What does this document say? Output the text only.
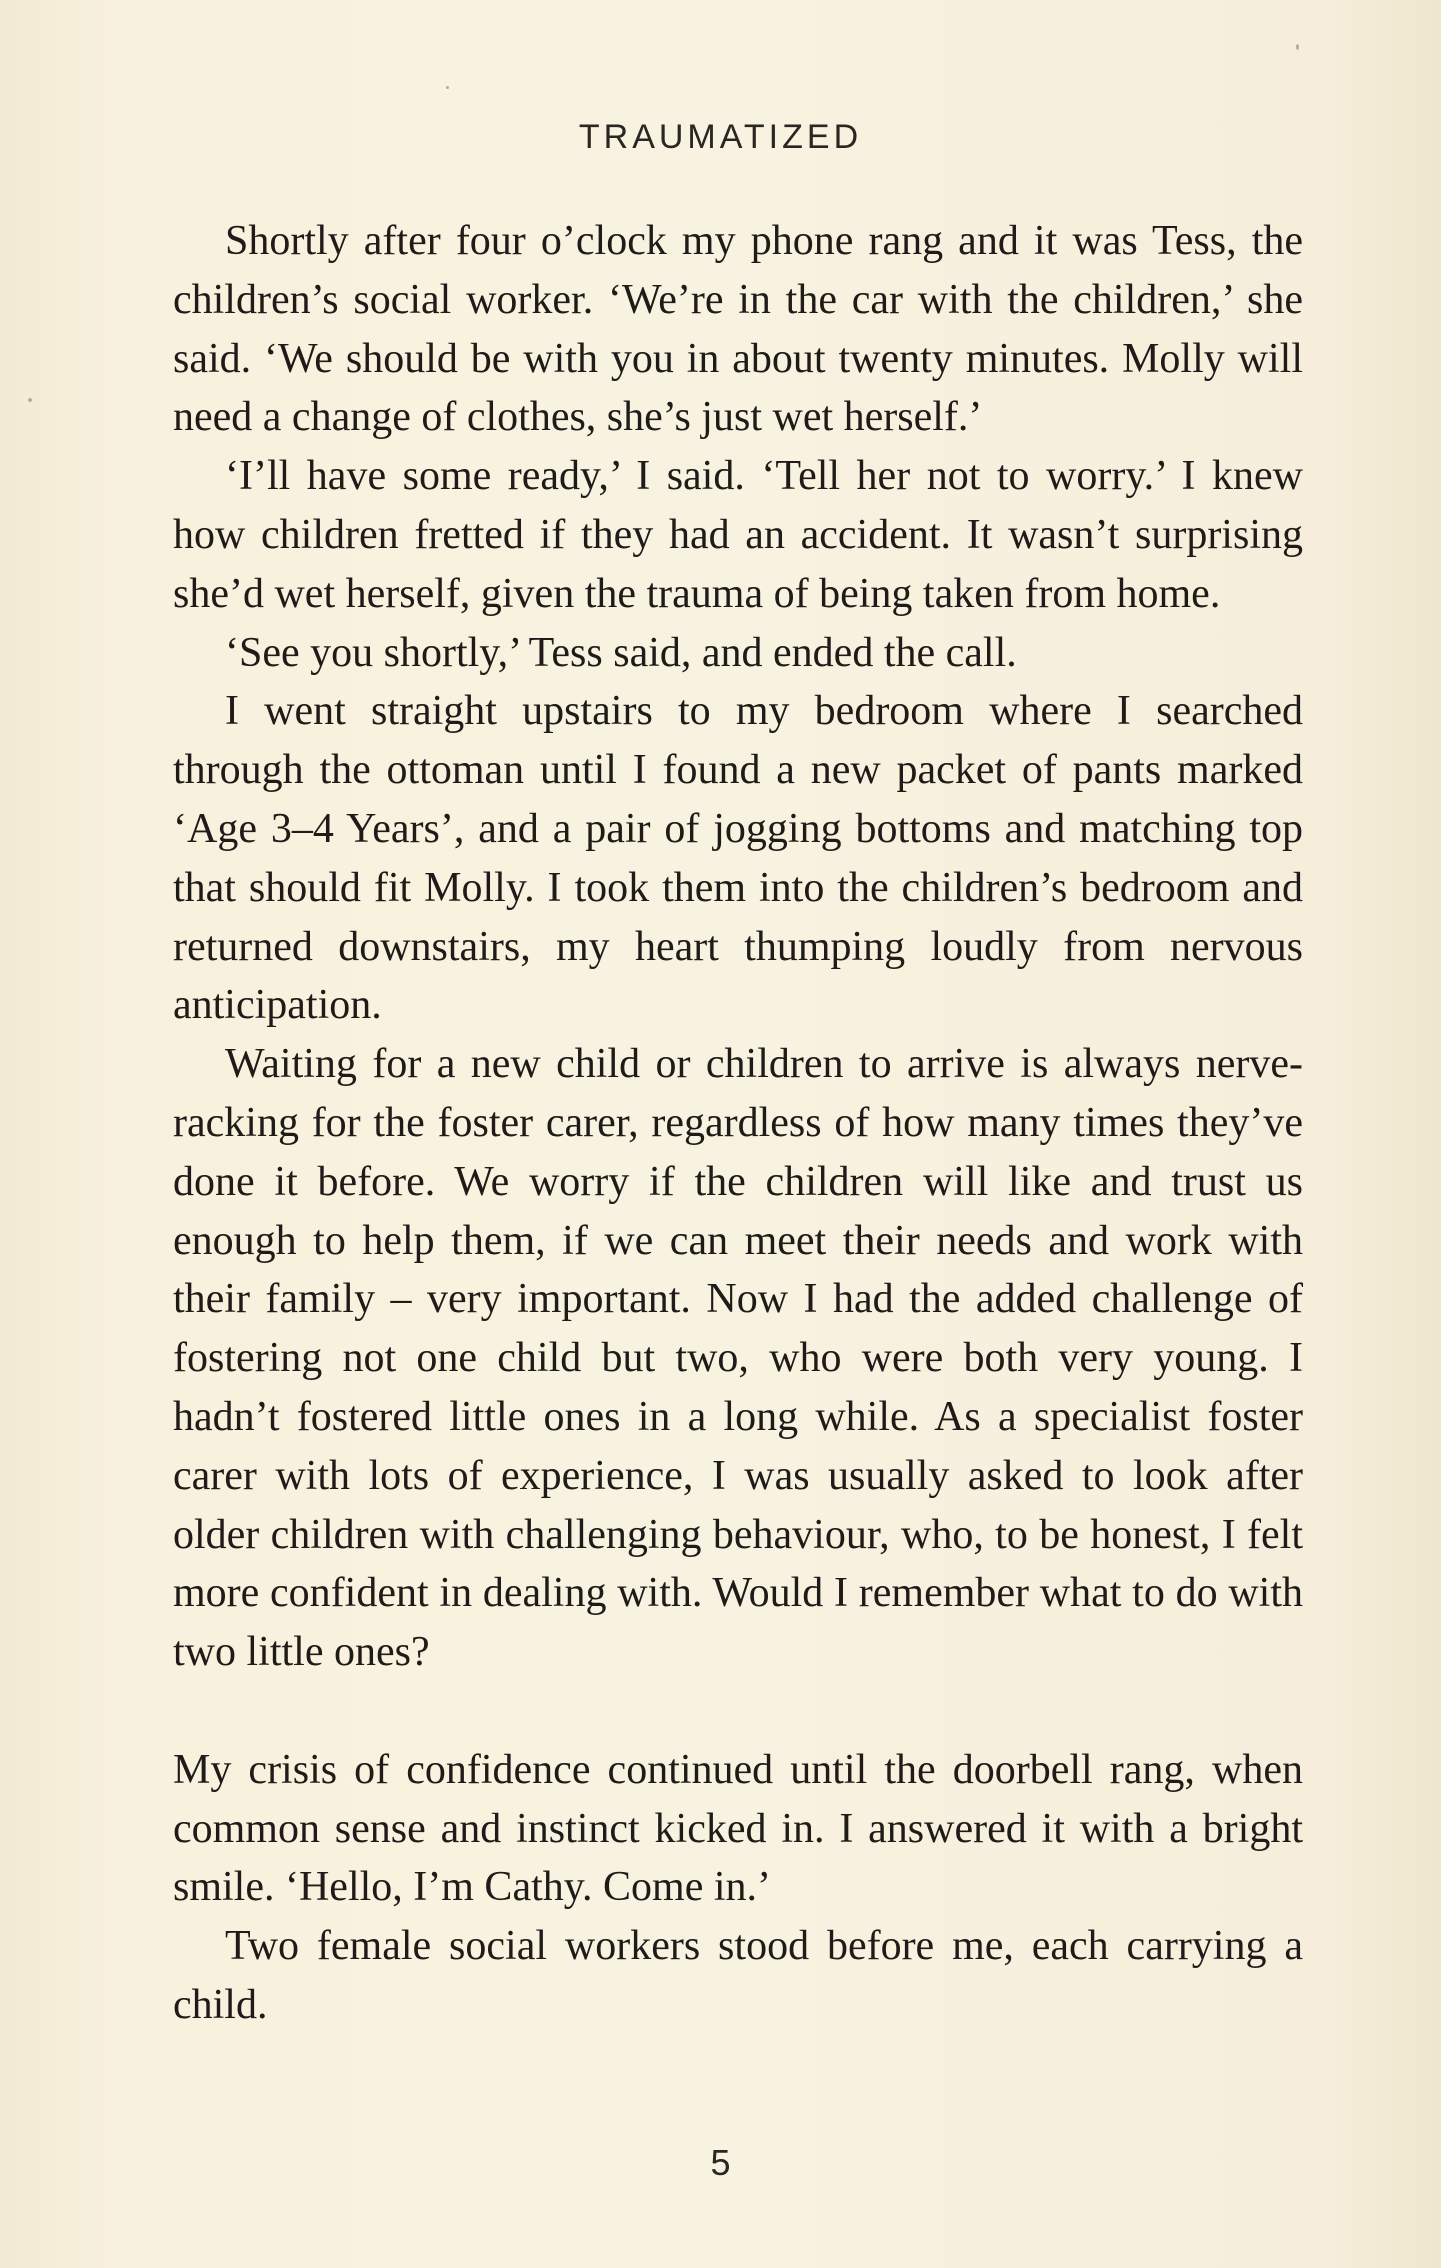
TRAUMATIZED

Shortly after four o’clock my phone rang and it was Tess, the children’s social worker. ‘We’re in the car with the children,’ she said. ‘We should be with you in about twenty minutes. Molly will need a change of clothes, she’s just wet herself.’

‘I’ll have some ready,’ I said. ‘Tell her not to worry.’ I knew how children fretted if they had an accident. It wasn’t surprising she’d wet herself, given the trauma of being taken from home.

‘See you shortly,’ Tess said, and ended the call.

I went straight upstairs to my bedroom where I searched through the ottoman until I found a new packet of pants marked ‘Age 3–4 Years’, and a pair of jogging bottoms and matching top that should fit Molly. I took them into the children’s bedroom and returned downstairs, my heart thumping loudly from nervous anticipation.

Waiting for a new child or children to arrive is always nerve-racking for the foster carer, regardless of how many times they’ve done it before. We worry if the children will like and trust us enough to help them, if we can meet their needs and work with their family – very important. Now I had the added challenge of fostering not one child but two, who were both very young. I hadn’t fostered little ones in a long while. As a specialist foster carer with lots of experience, I was usually asked to look after older children with challenging behaviour, who, to be honest, I felt more confident in dealing with. Would I remember what to do with two little ones?

My crisis of confidence continued until the doorbell rang, when common sense and instinct kicked in. I answered it with a bright smile. ‘Hello, I’m Cathy. Come in.’

Two female social workers stood before me, each carrying a child.

5
